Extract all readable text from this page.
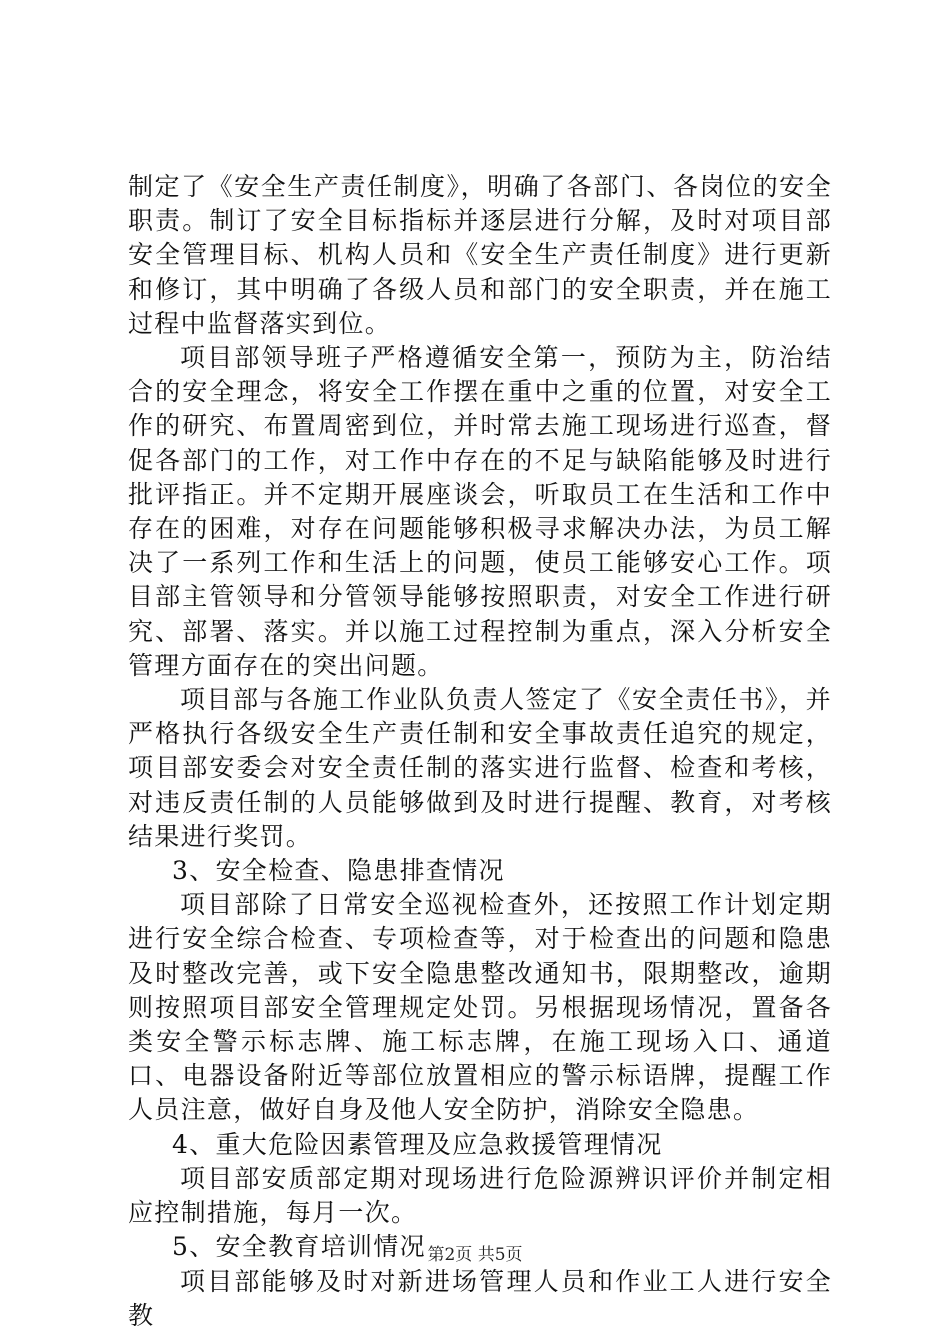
制定了《安全生产责任制度》，明确了各部门、各岗位的安全职责。制订了安全目标指标并逐层进行分解，及时对项目部安全管理目标、机构人员和《安全生产责任制度》进行更新和修订，其中明确了各级人员和部门的安全职责，并在施工过程中监督落实到位。

项目部领导班子严格遵循安全第一，预防为主，防治结合的安全理念，将安全工作摆在重中之重的位置，对安全工作的研究、布置周密到位，并时常去施工现场进行巡查，督促各部门的工作，对工作中存在的不足与缺陷能够及时进行批评指正。并不定期开展座谈会，听取员工在生活和工作中存在的困难，对存在问题能够积极寻求解决办法，为员工解决了一系列工作和生活上的问题，使员工能够安心工作。项目部主管领导和分管领导能够按照职责，对安全工作进行研究、部署、落实。并以施工过程控制为重点，深入分析安全管理方面存在的突出问题。

项目部与各施工作业队负责人签定了《安全责任书》，并严格执行各级安全生产责任制和安全事故责任追究的规定，项目部安委会对安全责任制的落实进行监督、检查和考核，对违反责任制的人员能够做到及时进行提醒、教育，对考核结果进行奖罚。

3、安全检查、隐患排查情况

项目部除了日常安全巡视检查外，还按照工作计划定期进行安全综合检查、专项检查等，对于检查出的问题和隐患及时整改完善，或下安全隐患整改通知书，限期整改，逾期则按照项目部安全管理规定处罚。另根据现场情况，置备各类安全警示标志牌、施工标志牌，在施工现场入口、通道口、电器设备附近等部位放置相应的警示标语牌，提醒工作人员注意，做好自身及他人安全防护，消除安全隐患。

4、重大危险因素管理及应急救援管理情况

项目部安质部定期对现场进行危险源辨识评价并制定相应控制措施，每月一次。

5、安全教育培训情况

项目部能够及时对新进场管理人员和作业工人进行安全教

第2页 共5页
